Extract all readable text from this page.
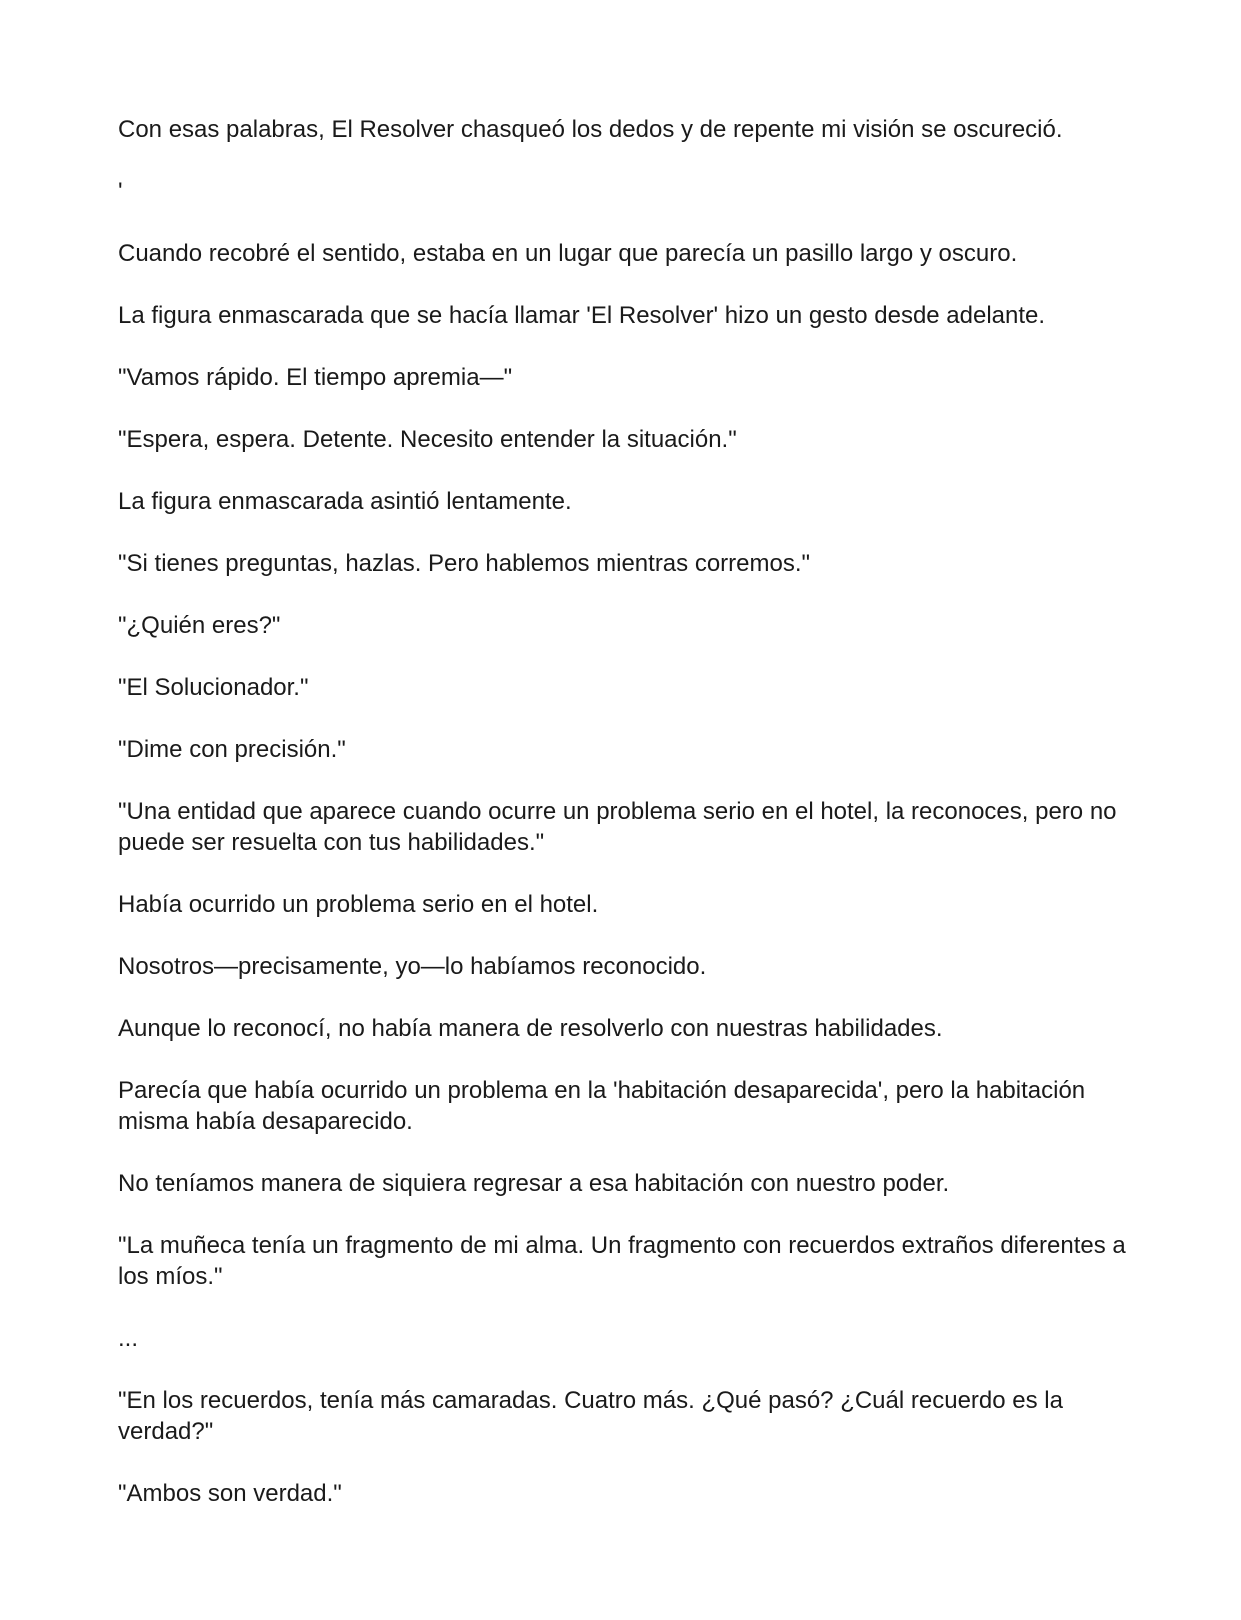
Con esas palabras, El Resolver chasqueó los dedos y de repente mi visión se oscureció.

'

Cuando recobré el sentido, estaba en un lugar que parecía un pasillo largo y oscuro.

La figura enmascarada que se hacía llamar 'El Resolver' hizo un gesto desde adelante.

"Vamos rápido. El tiempo apremia—"

"Espera, espera. Detente. Necesito entender la situación."

La figura enmascarada asintió lentamente.

"Si tienes preguntas, hazlas. Pero hablemos mientras corremos."

"¿Quién eres?"

"El Solucionador."

"Dime con precisión."

"Una entidad que aparece cuando ocurre un problema serio en el hotel, la reconoces, pero no puede ser resuelta con tus habilidades."

Había ocurrido un problema serio en el hotel.

Nosotros—precisamente, yo—lo habíamos reconocido.

Aunque lo reconocí, no había manera de resolverlo con nuestras habilidades.

Parecía que había ocurrido un problema en la 'habitación desaparecida', pero la habitación misma había desaparecido.

No teníamos manera de siquiera regresar a esa habitación con nuestro poder.

"La muñeca tenía un fragmento de mi alma. Un fragmento con recuerdos extraños diferentes a los míos."

...

"En los recuerdos, tenía más camaradas. Cuatro más. ¿Qué pasó? ¿Cuál recuerdo es la verdad?"

"Ambos son verdad."
